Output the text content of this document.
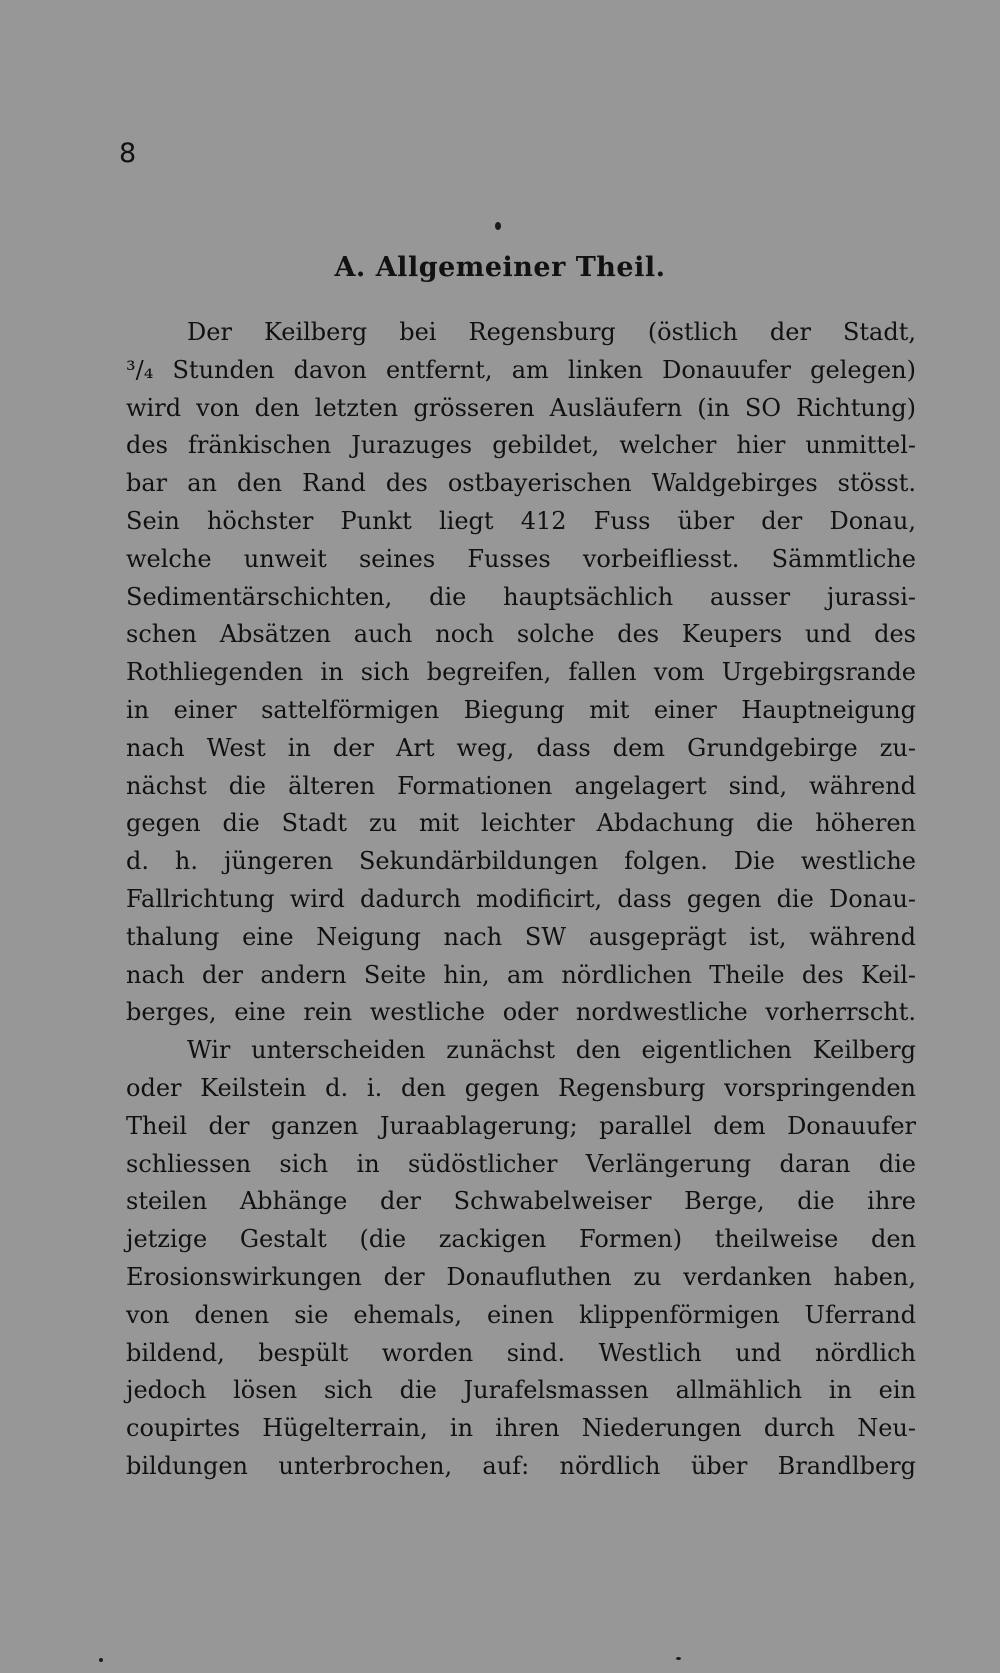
8
A. Allgemeiner Theil.
Der Keilberg bei Regensburg (östlich der Stadt,
³/₄ Stunden davon entfernt, am linken Donauufer gelegen)
wird von den letzten grösseren Ausläufern (in SO Richtung)
des fränkischen Jurazuges gebildet, welcher hier unmittel-
bar an den Rand des ostbayerischen Waldgebirges stösst.
Sein höchster Punkt liegt 412 Fuss über der Donau,
welche unweit seines Fusses vorbeifliesst. Sämmtliche
Sedimentärschichten, die hauptsächlich ausser jurassi-
schen Absätzen auch noch solche des Keupers und des
Rothliegenden in sich begreifen, fallen vom Urgebirgsrande
in einer sattelförmigen Biegung mit einer Hauptneigung
nach West in der Art weg, dass dem Grundgebirge zu-
nächst die älteren Formationen angelagert sind, während
gegen die Stadt zu mit leichter Abdachung die höheren
d. h. jüngeren Sekundärbildungen folgen. Die westliche
Fallrichtung wird dadurch modificirt, dass gegen die Donau-
thalung eine Neigung nach SW ausgeprägt ist, während
nach der andern Seite hin, am nördlichen Theile des Keil-
berges, eine rein westliche oder nordwestliche vorherrscht.
Wir unterscheiden zunächst den eigentlichen Keilberg
oder Keilstein d. i. den gegen Regensburg vorspringenden
Theil der ganzen Juraablagerung; parallel dem Donauufer
schliessen sich in südöstlicher Verlängerung daran die
steilen Abhänge der Schwabelweiser Berge, die ihre
jetzige Gestalt (die zackigen Formen) theilweise den
Erosionswirkungen der Donaufluthen zu verdanken haben,
von denen sie ehemals, einen klippenförmigen Uferrand
bildend, bespült worden sind. Westlich und nördlich
jedoch lösen sich die Jurafelsmassen allmählich in ein
coupirtes Hügelterrain, in ihren Niederungen durch Neu-
bildungen unterbrochen, auf: nördlich über Brandlberg
